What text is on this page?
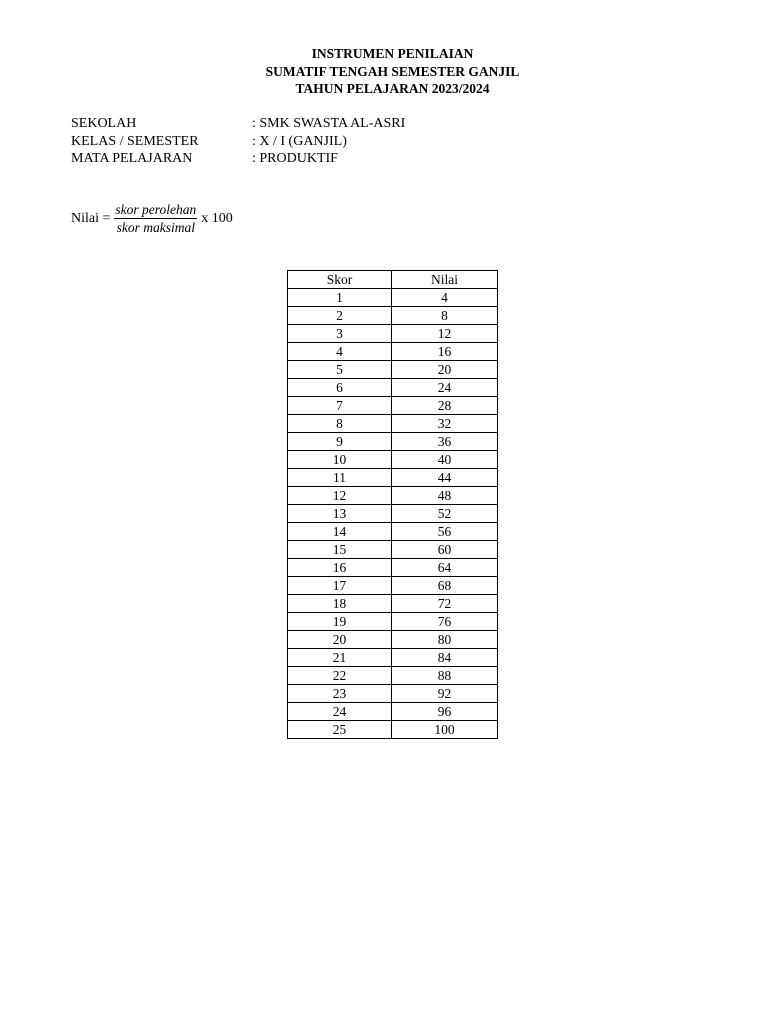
INSTRUMEN PENILAIAN
SUMATIF TENGAH SEMESTER GANJIL
TAHUN PELAJARAN 2023/2024
SEKOLAH	: SMK SWASTA AL-ASRI
KELAS / SEMESTER	: X / I (GANJIL)
MATA PELAJARAN	: PRODUKTIF
Nilai = $\frac{\text{skor perolehan}}{\text{skor maksimal}}$ x 100
Skor	Nilai
1	4
2	8
3	12
4	16
5	20
6	24
7	28
8	32
9	36
10	40
11	44
12	48
13	52
14	56
15	60
16	64
17	68
18	72
19	76
20	80
21	84
22	88
23	92
24	96
25	100
